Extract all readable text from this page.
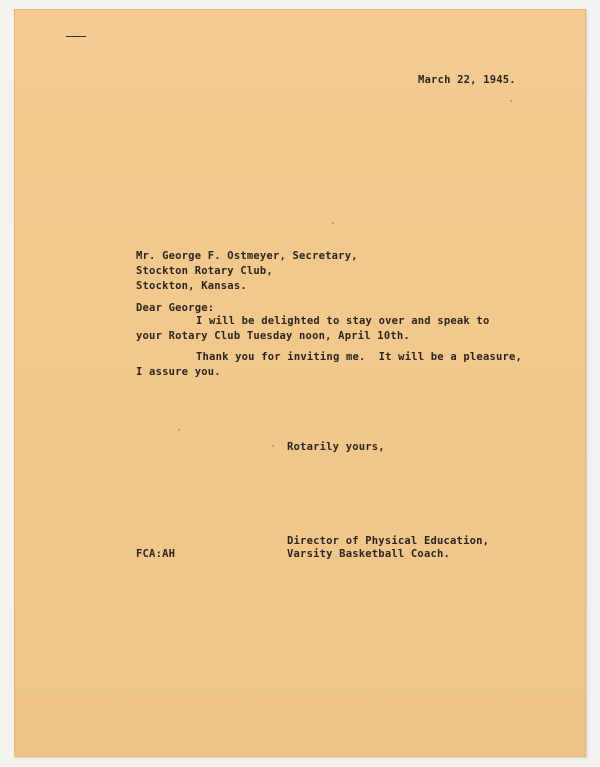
March 22, 1945.
Mr. George F. Ostmeyer, Secretary,
Stockton Rotary Club,
Stockton, Kansas.
Dear George:
I will be delighted to stay over and speak to
your Rotary Club Tuesday noon, April 10th.
Thank you for inviting me.  It will be a pleasure,
I assure you.
Rotarily yours,
Director of Physical Education,
Varsity Basketball Coach.
FCA:AH
